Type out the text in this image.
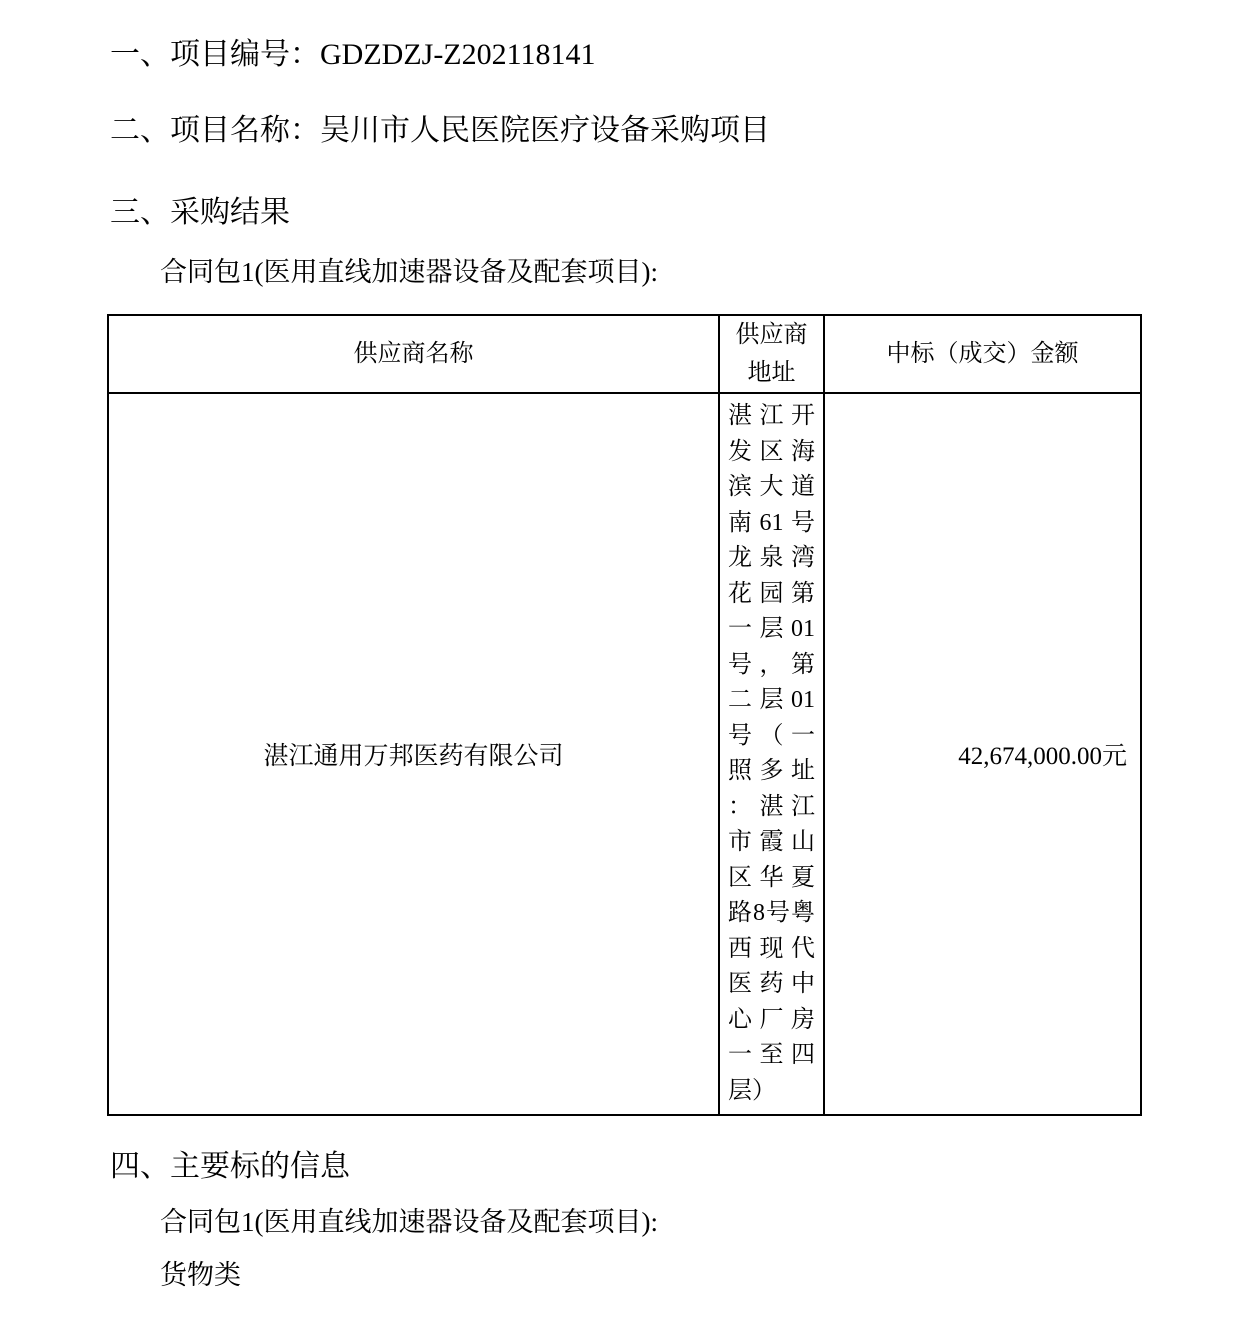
一、项目编号：GDZDZJ-Z202118141
二、项目名称：吴川市人民医院医疗设备采购项目
三、采购结果

合同包1(医用直线加速器设备及配套项目):

供应商名称	供应商地址	中标（成交）金额
湛江通用万邦医药有限公司	湛江开发区海滨大道南61号龙泉湾花园第一层01号，第二层01号（一照多址：湛江市霞山区华夏路8号粤西现代医药中心厂房一至四层）	42,674,000.00元
四、主要标的信息

合同包1(医用直线加速器设备及配套项目):

货物类
